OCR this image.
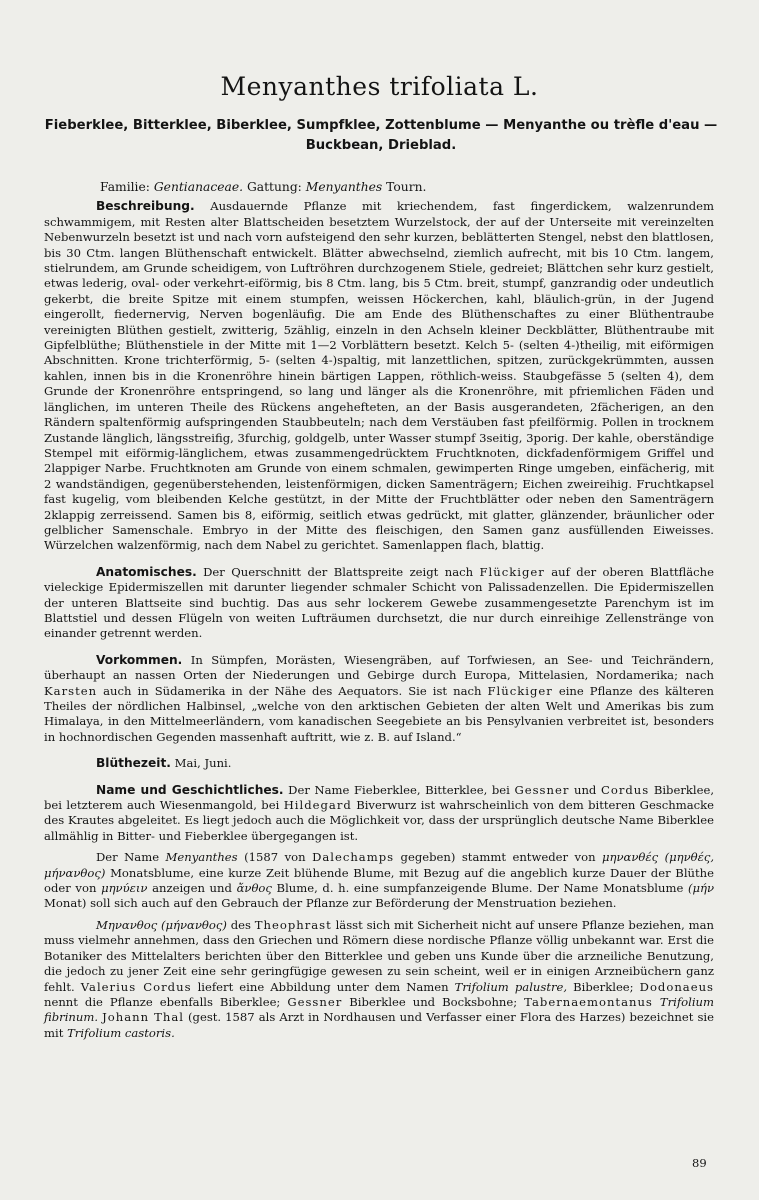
Menyanthes trifoliata L.
Fieberklee, Bitterklee, Biberklee, Sumpfklee, Zottenblume — Menyanthe ou trèfle d'eau —
Buckbean, Drieblad.

Familie: Gentianaceae. Gattung: Menyanthes Tourn.

Beschreibung. Ausdauernde Pflanze mit kriechendem, fast fingerdickem, walzenrundem schwammigem, mit Resten alter Blattscheiden besetztem Wurzelstock, der auf der Unterseite mit vereinzelten Nebenwurzeln besetzt ist und nach vorn aufsteigend den sehr kurzen, beblätterten Stengel, nebst den blattlosen, bis 30 Ctm. langen Blüthenschaft entwickelt. Blätter abwechselnd, ziemlich aufrecht, mit bis 10 Ctm. langem, stielrundem, am Grunde scheidigem, von Luftröhren durchzogenem Stiele, gedreiet; Blättchen sehr kurz gestielt, etwas lederig, oval- oder verkehrt-eiförmig, bis 8 Ctm. lang, bis 5 Ctm. breit, stumpf, ganzrandig oder undeutlich gekerbt, die breite Spitze mit einem stumpfen, weissen Höckerchen, kahl, bläulich-grün, in der Jugend eingerollt, fiedernervig, Nerven bogenläufig. Die am Ende des Blüthenschaftes zu einer Blüthentraube vereinigten Blüthen gestielt, zwitterig, 5zählig, einzeln in den Achseln kleiner Deckblätter, Blüthentraube mit Gipfelblüthe; Blüthenstiele in der Mitte mit 1—2 Vorblättern besetzt. Kelch 5- (selten 4-)theilig, mit eiförmigen Abschnitten. Krone trichterförmig, 5- (selten 4-)spaltig, mit lanzettlichen, spitzen, zurückgekrümmten, aussen kahlen, innen bis in die Kronenröhre hinein bärtigen Lappen, röthlich-weiss. Staubgefässe 5 (selten 4), dem Grunde der Kronenröhre entspringend, so lang und länger als die Kronenröhre, mit pfriemlichen Fäden und länglichen, im unteren Theile des Rückens angehefteten, an der Basis ausgerandeten, 2fächerigen, an den Rändern spaltenförmig aufspringenden Staubbeuteln; nach dem Verstäuben fast pfeilförmig. Pollen in trocknem Zustande länglich, längsstreifig, 3furchig, goldgelb, unter Wasser stumpf 3seitig, 3porig. Der kahle, oberständige Stempel mit eiförmig-länglichem, etwas zusammengedrücktem Fruchtknoten, dickfadenförmigem Griffel und 2lappiger Narbe. Fruchtknoten am Grunde von einem schmalen, gewimperten Ringe umgeben, einfächerig, mit 2 wandständigen, gegenüberstehenden, leistenförmigen, dicken Samenträgern; Eichen zweireihig. Fruchtkapsel fast kugelig, vom bleibenden Kelche gestützt, in der Mitte der Fruchtblätter oder neben den Samenträgern 2klappig zerreissend. Samen bis 8, eiförmig, seitlich etwas gedrückt, mit glatter, glänzender, bräunlicher oder gelblicher Samenschale. Embryo in der Mitte des fleischigen, den Samen ganz ausfüllenden Eiweisses. Würzelchen walzenförmig, nach dem Nabel zu gerichtet. Samenlappen flach, blattig.

Anatomisches. Der Querschnitt der Blattspreite zeigt nach Flückiger auf der oberen Blattfläche vieleckige Epidermiszellen mit darunter liegender schmaler Schicht von Palissadenzellen. Die Epidermiszellen der unteren Blattseite sind buchtig. Das aus sehr lockerem Gewebe zusammengesetzte Parenchym ist im Blattstiel und dessen Flügeln von weiten Lufträumen durchsetzt, die nur durch einreihige Zellenstränge von einander getrennt werden.

Vorkommen. In Sümpfen, Morästen, Wiesengräben, auf Torfwiesen, an See- und Teichrändern, überhaupt an nassen Orten der Niederungen und Gebirge durch Europa, Mittelasien, Nordamerika; nach Karsten auch in Südamerika in der Nähe des Aequators. Sie ist nach Flückiger eine Pflanze des kälteren Theiles der nördlichen Halbinsel, „welche von den arktischen Gebieten der alten Welt und Amerikas bis zum Himalaya, in den Mittelmeerländern, vom kanadischen Seegebiete an bis Pensylvanien verbreitet ist, besonders in hochnordischen Gegenden massenhaft auftritt, wie z. B. auf Island.“

Blüthezeit. Mai, Juni.

Name und Geschichtliches. Der Name Fieberklee, Bitterklee, bei Gessner und Cordus Biberklee, bei letzterem auch Wiesenmangold, bei Hildegard Biverwurz ist wahrscheinlich von dem bitteren Geschmacke des Krautes abgeleitet. Es liegt jedoch auch die Möglichkeit vor, dass der ursprünglich deutsche Name Biberklee allmählig in Bitter- und Fieberklee übergegangen ist.

Der Name Menyanthes (1587 von Dalechamps gegeben) stammt entweder von μηνανθές (μηνθές, μήνανθος) Monatsblume, eine kurze Zeit blühende Blume, mit Bezug auf die angeblich kurze Dauer der Blüthe oder von μηνύειν anzeigen und ἄνθος Blume, d. h. eine sumpfanzeigende Blume. Der Name Monatsblume (μήν Monat) soll sich auch auf den Gebrauch der Pflanze zur Beförderung der Menstruation beziehen.

Μηνανθος (μήνανθος) des Theophrast lässt sich mit Sicherheit nicht auf unsere Pflanze beziehen, man muss vielmehr annehmen, dass den Griechen und Römern diese nordische Pflanze völlig unbekannt war. Erst die Botaniker des Mittelalters berichten über den Bitterklee und geben uns Kunde über die arzneiliche Benutzung, die jedoch zu jener Zeit eine sehr geringfügige gewesen zu sein scheint, weil er in einigen Arzneibüchern ganz fehlt. Valerius Cordus liefert eine Abbildung unter dem Namen Trifolium palustre, Biberklee; Dodonaeus nennt die Pflanze ebenfalls Biberklee; Gessner Biberklee und Bocksbohne; Tabernaemontanus Trifolium fibrinum. Johann Thal (gest. 1587 als Arzt in Nordhausen und Verfasser einer Flora des Harzes) bezeichnet sie mit Trifolium castoris.

89
